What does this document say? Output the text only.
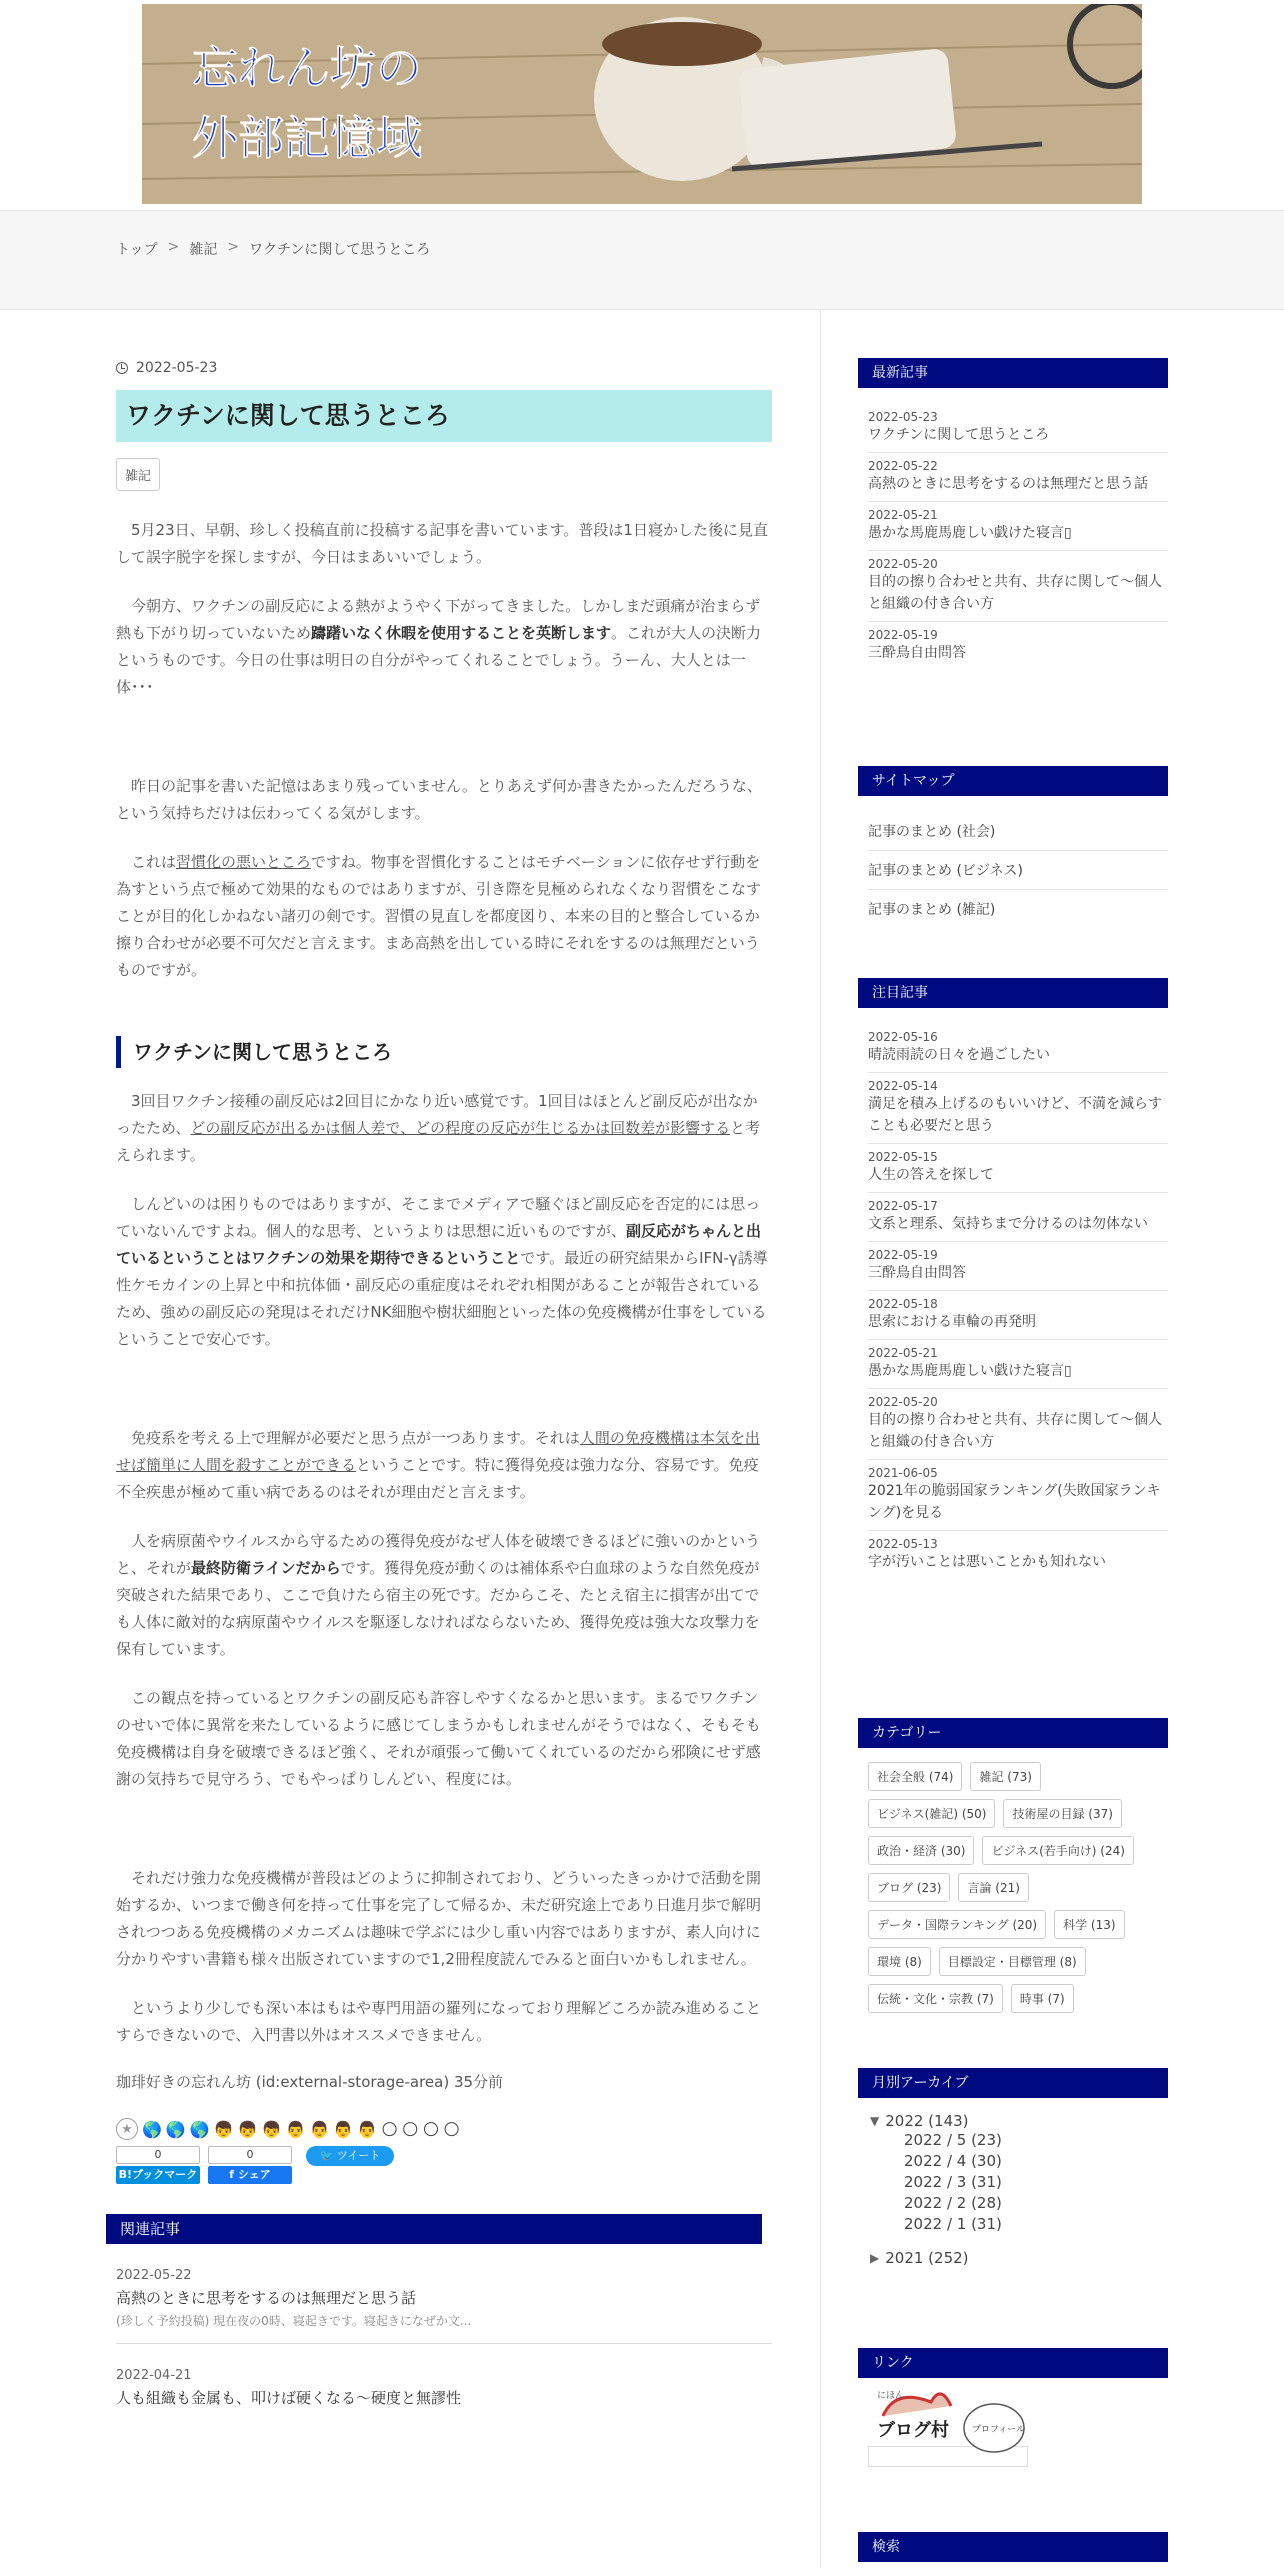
忘れん坊の
外部記憶域
トップ > 雑記 > ワクチンに関して思うところ
2022-05-23
ワクチンに関して思うところ
雑記

5月23日、早朝、珍しく投稿直前に投稿する記事を書いています。普段は1日寝かした後に見直して誤字脱字を探しますが、今日はまあいいでしょう。

今朝方、ワクチンの副反応による熱がようやく下がってきました。しかしまだ頭痛が治まらず熱も下がり切っていないため躊躇いなく休暇を使用することを英断します。これが大人の決断力というものです。今日の仕事は明日の自分がやってくれることでしょう。うーん、大人とは一体･･･

昨日の記事を書いた記憶はあまり残っていません。とりあえず何か書きたかったんだろうな、という気持ちだけは伝わってくる気がします。

これは習慣化の悪いところですね。物事を習慣化することはモチベーションに依存せず行動を為すという点で極めて効果的なものではありますが、引き際を見極められなくなり習慣をこなすことが目的化しかねない諸刃の剣です。習慣の見直しを都度図り、本来の目的と整合しているか擦り合わせが必要不可欠だと言えます。まあ高熱を出している時にそれをするのは無理だというものですが。

ワクチンに関して思うところ

3回目ワクチン接種の副反応は2回目にかなり近い感覚です。1回目はほとんど副反応が出なかったため、どの副反応が出るかは個人差で、どの程度の反応が生じるかは回数差が影響すると考えられます。

しんどいのは困りものではありますが、そこまでメディアで騒ぐほど副反応を否定的には思っていないんですよね。個人的な思考、というよりは思想に近いものですが、副反応がちゃんと出ているということはワクチンの効果を期待できるということです。最近の研究結果からIFN-γ誘導性ケモカインの上昇と中和抗体価・副反応の重症度はそれぞれ相関があることが報告されているため、強めの副反応の発現はそれだけNK細胞や樹状細胞といった体の免疫機構が仕事をしているということで安心です。

免疫系を考える上で理解が必要だと思う点が一つあります。それは人間の免疫機構は本気を出せば簡単に人間を殺すことができるということです。特に獲得免疫は強力な分、容易です。免疫不全疾患が極めて重い病であるのはそれが理由だと言えます。

人を病原菌やウイルスから守るための獲得免疫がなぜ人体を破壊できるほどに強いのかというと、それが最終防衛ラインだからです。獲得免疫が動くのは補体系や白血球のような自然免疫が突破された結果であり、ここで負けたら宿主の死です。だからこそ、たとえ宿主に損害が出てでも人体に敵対的な病原菌やウイルスを駆逐しなければならないため、獲得免疫は強大な攻撃力を保有しています。

この観点を持っているとワクチンの副反応も許容しやすくなるかと思います。まるでワクチンのせいで体に異常を来たしているように感じてしまうかもしれませんがそうではなく、そもそも免疫機構は自身を破壊できるほど強く、それが頑張って働いてくれているのだから邪険にせず感謝の気持ちで見守ろう、でもやっぱりしんどい、程度には。

それだけ強力な免疫機構が普段はどのように抑制されており、どういったきっかけで活動を開始するか、いつまで働き何を持って仕事を完了して帰るか、未だ研究途上であり日進月歩で解明されつつある免疫機構のメカニズムは趣味で学ぶには少し重い内容ではありますが、素人向けに分かりやすい書籍も様々出版されていますので1,2冊程度読んでみると面白いかもしれません。

というより少しでも深い本はもはや専門用語の羅列になっており理解どころか読み進めることすらできないので、入門書以外はオススメできません。

珈琲好きの忘れん坊 (id:external-storage-area) 35分前
★ 🌎 🌎 🌎 👦 👦 👦 👨 👨 👨 👨 🌕 🌕 🌕 🌕
0
B!ブックマーク
0
f シェア
🐦 ツイート
関連記事
2022-05-22
高熱のときに思考をするのは無理だと思う話
(珍しく予約投稿) 現在夜の0時、寝起きです。寝起きになぜか文...
2022-04-21
人も組織も金属も、叩けば硬くなる～硬度と無謬性
最新記事
2022-05-23
ワクチンに関して思うところ
2022-05-22
高熱のときに思考をするのは無理だと思う話
2022-05-21
愚かな馬鹿馬鹿しい戯けた寝言▯
2022-05-20
目的の擦り合わせと共有、共存に関して～個人と組織の付き合い方
2022-05-19
三酔鳥自由問答
サイトマップ
記事のまとめ (社会)
記事のまとめ (ビジネス)
記事のまとめ (雑記)
注目記事
2022-05-16
晴読雨読の日々を過ごしたい
2022-05-14
満足を積み上げるのもいいけど、不満を減らすことも必要だと思う
2022-05-15
人生の答えを探して
2022-05-17
文系と理系、気持ちまで分けるのは勿体ない
2022-05-19
三酔鳥自由問答
2022-05-18
思索における車輪の再発明
2022-05-21
愚かな馬鹿馬鹿しい戯けた寝言▯
2022-05-20
目的の擦り合わせと共有、共存に関して～個人と組織の付き合い方
2021-06-05
2021年の脆弱国家ランキング(失敗国家ランキング)を見る
2022-05-13
字が汚いことは悪いことかも知れない
カテゴリー
社会全般 (74)	雑記 (73)
ビジネス(雑記) (50)	技術屋の目録 (37)
政治・経済 (30)	ビジネス(若手向け) (24)
ブログ (23)	言論 (21)
データ・国際ランキング (20)	科学 (13)
環境 (8)	目標設定・目標管理 (8)
伝統・文化・宗教 (7)	時事 (7)
月別アーカイブ
▼ 2022 (143)
2022 / 5 (23)
2022 / 4 (30)
2022 / 3 (31)
2022 / 2 (28)
2022 / 1 (31)
▶ 2021 (252)
リンク
にほん
ブログ村	プロフィール
検索
